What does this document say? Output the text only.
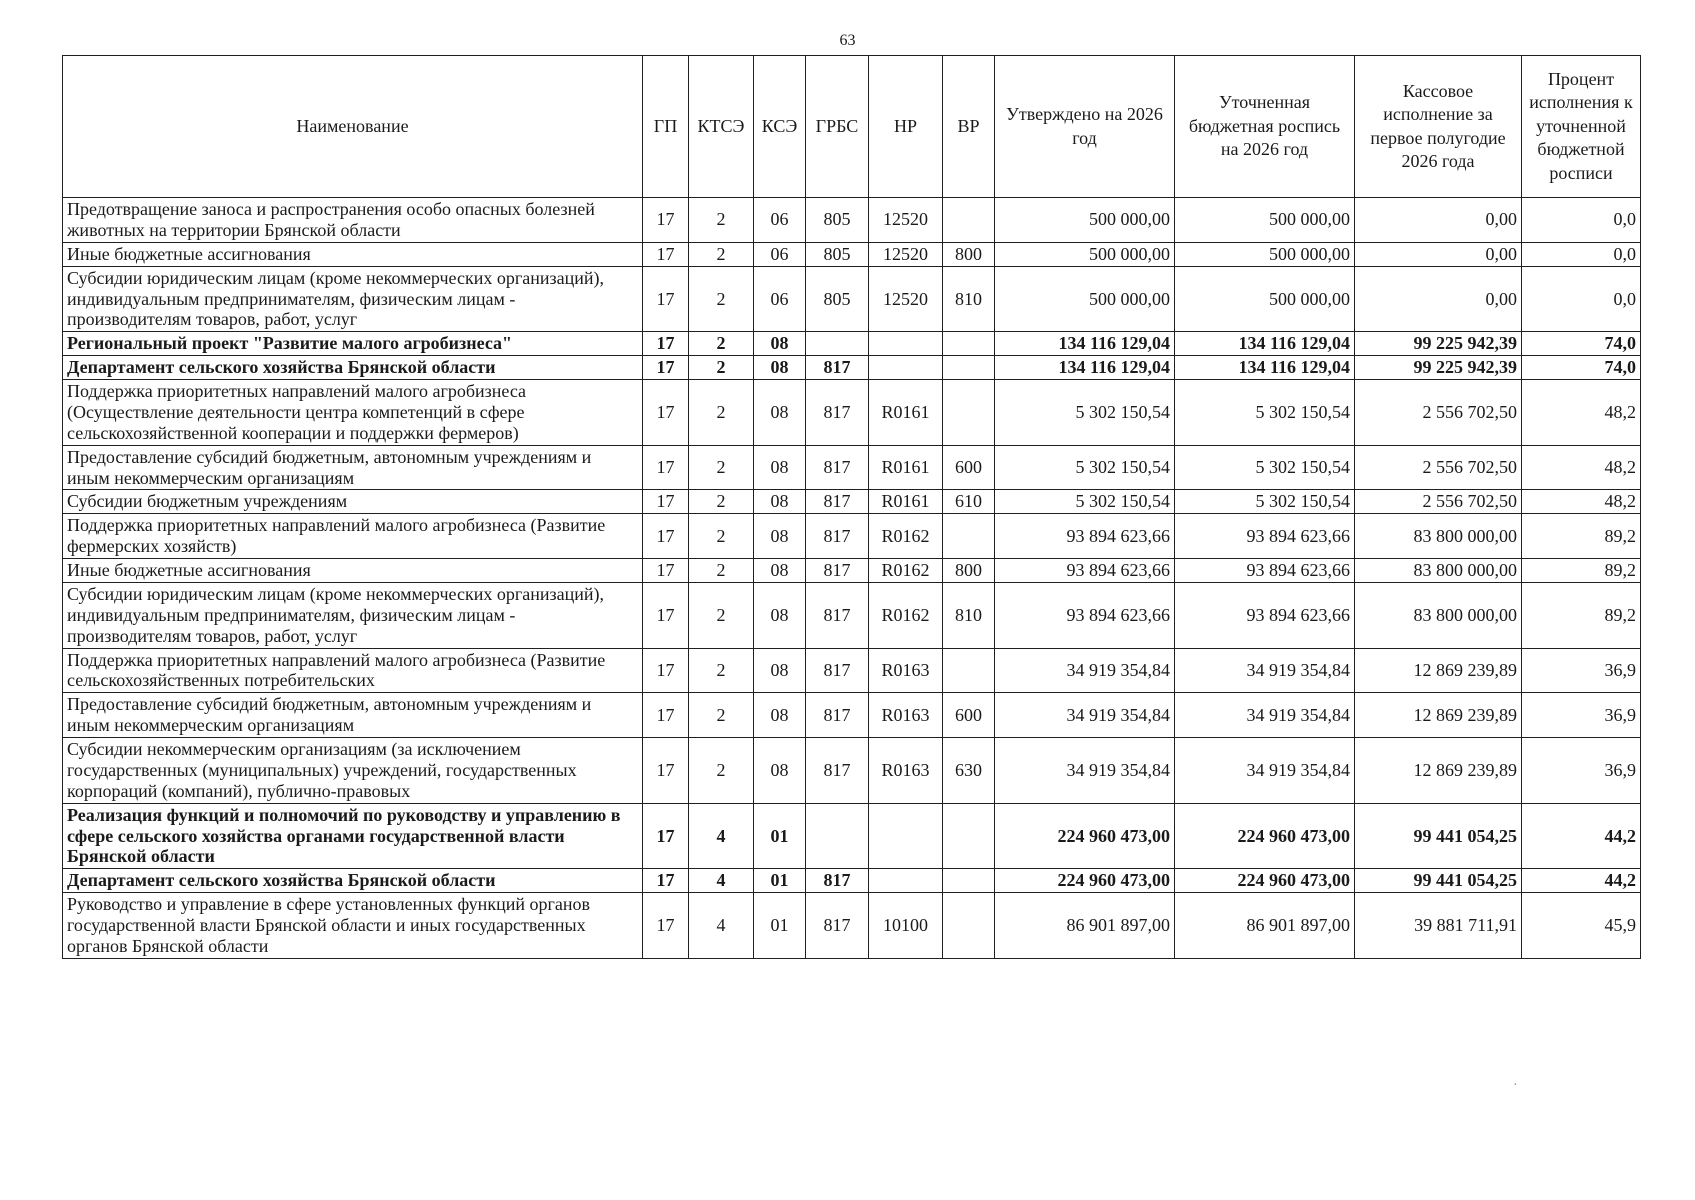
63
Наименование	ГП	КТСЭ	КСЭ	ГРБС	НР	ВР	Утверждено на 2026 год	Уточненная бюджетная роспись на 2026 год	Кассовое исполнение за первое полугодие 2026 года	Процент исполнения к уточненной бюджетной росписи
Предотвращение заноса и распространения особо опасных болезней животных на территории Брянской области	17	2	06	805	12520		500 000,00	500 000,00	0,00	0,0
Иные бюджетные ассигнования	17	2	06	805	12520	800	500 000,00	500 000,00	0,00	0,0
Субсидии юридическим лицам (кроме некоммерческих организаций), индивидуальным предпринимателям, физическим лицам - производителям товаров, работ, услуг	17	2	06	805	12520	810	500 000,00	500 000,00	0,00	0,0
Региональный проект "Развитие малого агробизнеса"	17	2	08				134 116 129,04	134 116 129,04	99 225 942,39	74,0
Департамент сельского хозяйства Брянской области	17	2	08	817			134 116 129,04	134 116 129,04	99 225 942,39	74,0
Поддержка приоритетных направлений малого агробизнеса (Осуществление деятельности центра компетенций в сфере сельскохозяйственной кооперации и поддержки фермеров)	17	2	08	817	R0161		5 302 150,54	5 302 150,54	2 556 702,50	48,2
Предоставление субсидий бюджетным, автономным учреждениям и иным некоммерческим организациям	17	2	08	817	R0161	600	5 302 150,54	5 302 150,54	2 556 702,50	48,2
Субсидии бюджетным учреждениям	17	2	08	817	R0161	610	5 302 150,54	5 302 150,54	2 556 702,50	48,2
Поддержка приоритетных направлений малого агробизнеса (Развитие фермерских хозяйств)	17	2	08	817	R0162		93 894 623,66	93 894 623,66	83 800 000,00	89,2
Иные бюджетные ассигнования	17	2	08	817	R0162	800	93 894 623,66	93 894 623,66	83 800 000,00	89,2
Субсидии юридическим лицам (кроме некоммерческих организаций), индивидуальным предпринимателям, физическим лицам - производителям товаров, работ, услуг	17	2	08	817	R0162	810	93 894 623,66	93 894 623,66	83 800 000,00	89,2
Поддержка приоритетных направлений малого агробизнеса (Развитие сельскохозяйственных потребительских	17	2	08	817	R0163		34 919 354,84	34 919 354,84	12 869 239,89	36,9
Предоставление субсидий бюджетным, автономным учреждениям и иным некоммерческим организациям	17	2	08	817	R0163	600	34 919 354,84	34 919 354,84	12 869 239,89	36,9
Субсидии некоммерческим организациям (за исключением государственных (муниципальных) учреждений, государственных корпораций (компаний), публично-правовых	17	2	08	817	R0163	630	34 919 354,84	34 919 354,84	12 869 239,89	36,9
Реализация функций и полномочий по руководству и управлению в сфере сельского хозяйства органами государственной власти Брянской области	17	4	01				224 960 473,00	224 960 473,00	99 441 054,25	44,2
Департамент сельского хозяйства Брянской области	17	4	01	817			224 960 473,00	224 960 473,00	99 441 054,25	44,2
Руководство и управление в сфере установленных функций органов государственной власти Брянской области и иных государственных органов Брянской области	17	4	01	817	10100		86 901 897,00	86 901 897,00	39 881 711,91	45,9
·
